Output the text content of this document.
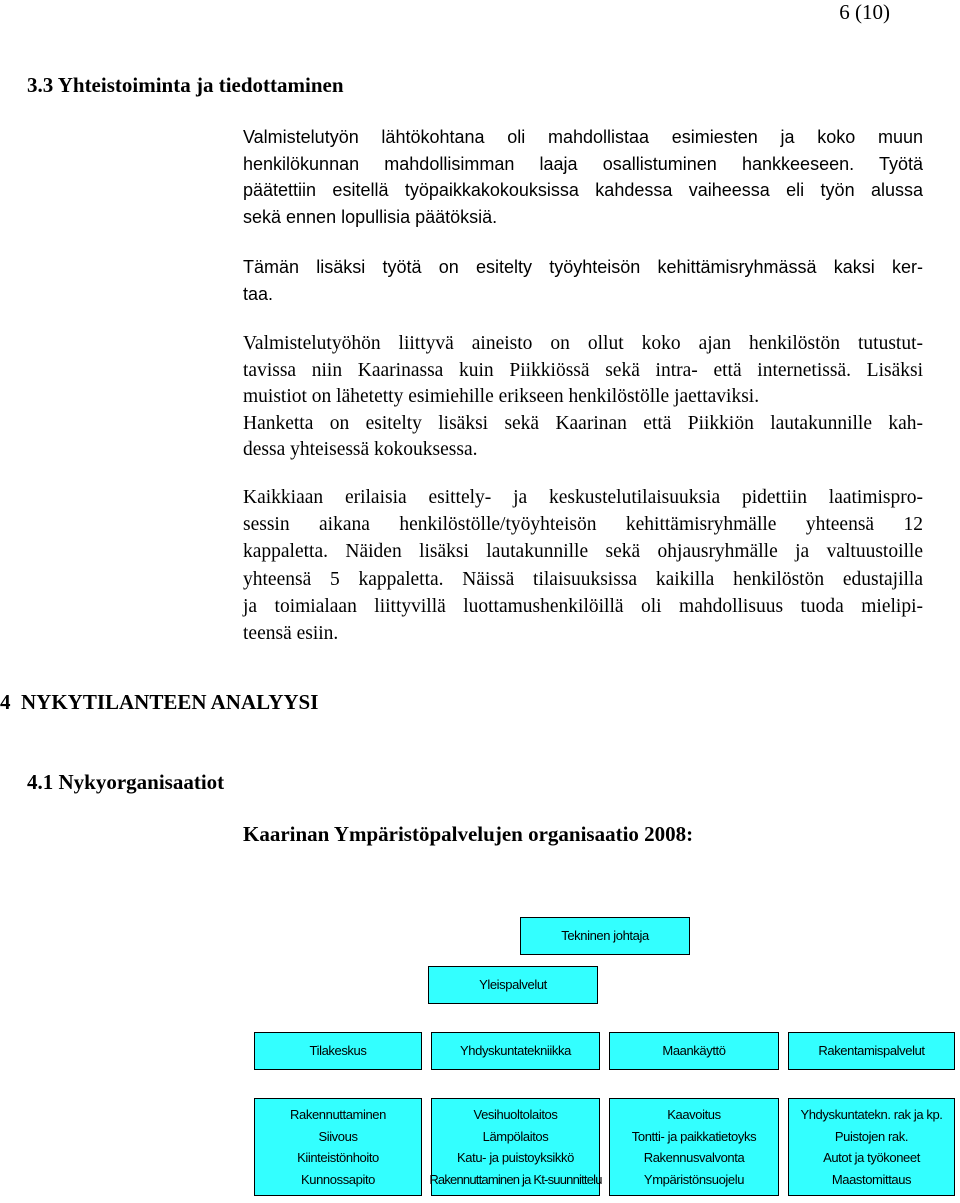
6 (10)
3.3 Yhteistoiminta ja tiedottaminen
Valmistelutyön lähtökohtana oli mahdollistaa esimiesten ja koko muun
henkilökunnan mahdollisimman laaja osallistuminen hankkeeseen. Työtä
päätettiin esitellä työpaikkakokouksissa kahdessa vaiheessa eli työn alussa
sekä ennen lopullisia päätöksiä.
Tämän lisäksi työtä on esitelty työyhteisön kehittämisryhmässä kaksi ker-
taa.
Valmistelutyöhön liittyvä aineisto on ollut koko ajan henkilöstön tutustut-
tavissa niin Kaarinassa kuin Piikkiössä sekä intra- että internetissä. Lisäksi
muistiot on lähetetty esimiehille erikseen henkilöstölle jaettaviksi.
Hanketta on esitelty lisäksi sekä Kaarinan että Piikkiön lautakunnille kah-
dessa yhteisessä kokouksessa.
Kaikkiaan erilaisia esittely- ja keskustelutilaisuuksia pidettiin laatimispro-
sessin aikana henkilöstölle/työyhteisön kehittämisryhmälle yhteensä 12
kappaletta. Näiden lisäksi lautakunnille sekä ohjausryhmälle ja valtuustoille
yhteensä 5 kappaletta. Näissä tilaisuuksissa kaikilla henkilöstön edustajilla
ja toimialaan liittyvillä luottamushenkilöillä oli mahdollisuus tuoda mielipi-
teensä esiin.
4  NYKYTILANTEEN ANALYYSI
4.1 Nykyorganisaatiot
Kaarinan Ympäristöpalvelujen organisaatio 2008:
Tekninen johtaja
Yleispalvelut
Tilakeskus	Yhdyskuntatekniikka	Maankäyttö	Rakentamispalvelut
Rakennuttaminen
Siivous
Kiinteistönhoito
Kunnossapito
Vesihuoltolaitos
Lämpölaitos
Katu- ja puistoyksikkö
Rakennuttaminen ja Kt-suunnittelu
Kaavoitus
Tontti- ja paikkatietoyks
Rakennusvalvonta
Ympäristönsuojelu
Yhdyskuntatekn. rak ja kp.
Puistojen rak.
Autot ja työkoneet
Maastomittaus
